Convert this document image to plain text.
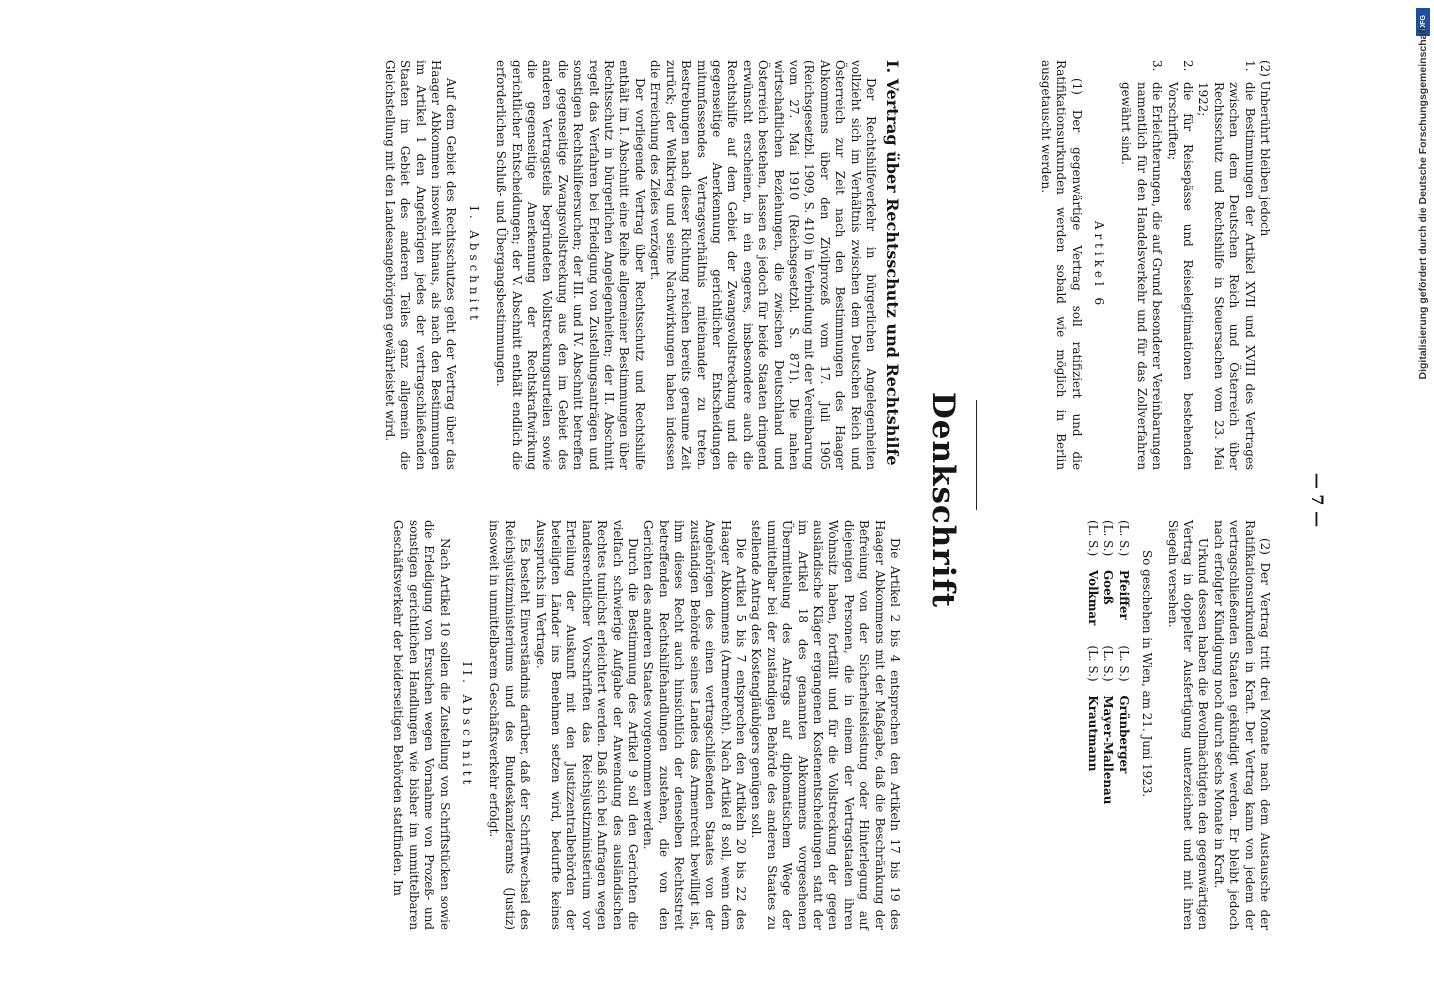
— 7 —

(2) Unberührt bleiben jedoch

1.
die Bestimmungen der Artikel XVII und XVIII des Vertrages zwischen dem Deutschen Reich und Österreich über Rechtsschutz und Rechtshilfe in Steuersachen vom 23. Mai 1922;
2.
die für Reisepässe und Reiselegitimationen bestehenden Vorschriften;
3.
die Erleichterungen, die auf Grund besonderer Vereinbarungen namentlich für den Handelsverkehr und für das Zollverfahren gewährt sind.
Artikel 6

(1) Der gegenwärtige Vertrag soll ratifiziert und die Ratifikationsurkunden werden sobald wie möglich in Berlin ausgetauscht werden.

(2) Der Vertrag tritt drei Monate nach dem Austausche der Ratifikationsurkunden in Kraft. Der Vertrag kann von jedem der vertragschließenden Staaten gekündigt werden. Er bleibt jedoch nach erfolgter Kündigung noch durch sechs Monate in Kraft.

Urkund dessen haben die Bevollmächtigten den gegenwärtigen Vertrag in doppelter Ausfertigung unterzeichnet und mit ihren Siegeln versehen.

So geschehen in Wien, am 21. Juni 1923.
(L. S.)
Pfeiffer
(L. S.)
Goeß
(L. S.)
Volkmar
(L. S.)
Grünberger
(L. S.)
Mayer-Mallenau
(L. S.)
Krautmann
Denkschrift

I. Vertrag über Rechtsschutz und Rechtshilfe

Der Rechtshilfeverkehr in bürgerlichen Angelegenheiten vollzieht sich im Verhältnis zwischen dem Deutschen Reich und Österreich zur Zeit nach den Bestimmungen des Haager Abkommens über den Zivilprozeß vom 17. Juli 1905 (Reichsgesetzbl. 1909, S. 410) in Verbindung mit der Vereinbarung vom 27. Mai 1910 (Reichsgesetzbl. S. 871). Die nahen wirtschaftlichen Beziehungen, die zwischen Deutschland und Österreich bestehen, lassen es jedoch für beide Staaten dringend erwünscht erscheinen, in ein engeres, insbesondere auch die Rechtshilfe auf dem Gebiet der Zwangsvollstreckung und die gegenseitige Anerkennung gerichtlicher Entscheidungen mitumfassendes Vertragsverhältnis miteinander zu treten. Bestrebungen nach dieser Richtung reichen bereits geraume Zeit zurück; der Weltkrieg und seine Nachwirkungen haben indessen die Erreichung des Zieles verzögert.

Der vorliegende Vertrag über Rechtsschutz und Rechtshilfe enthält im I. Abschnitt eine Reihe allgemeiner Bestimmungen über Rechtsschutz in bürgerlichen Angelegenheiten; der II. Abschnitt regelt das Verfahren bei Erledigung von Zustellungsanträgen und sonstigen Rechtshilfeersuchen; der III. und IV. Abschnitt betreffen die gegenseitige Zwangsvollstreckung aus den im Gebiet des anderen Vertragsteils begründeten Vollstreckungsurteilen sowie die gegenseitige Anerkennung der Rechtskraftwirkung gerichtlicher Entscheidungen; der V. Abschnitt enthält endlich die erforderlichen Schluß- und Übergangsbestimmungen.

I. Abschnitt

Auf dem Gebiet des Rechtsschutzes geht der Vertrag über das Haager Abkommen insoweit hinaus, als nach den Bestimmungen im Artikel 1 den Angehörigen jedes der vertragschließenden Staaten im Gebiet des anderen Teiles ganz allgemein die Gleichstellung mit den Landesangehörigen gewährleistet wird.

Die Artikel 2 bis 4 entsprechen den Artikeln 17 bis 19 des Haager Abkommens mit der Maßgabe, daß die Beschränkung der Befreiung von der Sicherheitsleistung oder Hinterlegung auf diejenigen Personen, die in einem der Vertragstaaten ihren Wohnsitz haben, fortfällt und für die Vollstreckung der gegen ausländische Kläger ergangenen Kostenentscheidungen statt der im Artikel 18 des genannten Abkommens vorgesehenen Übermittelung des Antrags auf diplomatischem Wege der unmittelbar bei der zuständigen Behörde des anderen Staates zu stellende Antrag des Kostengläubigers genügen soll.

Die Artikel 5 bis 7 entsprechen den Artikeln 20 bis 22 des Haager Abkommens (Armenrecht). Nach Artikel 8 soll, wenn dem Angehörigen des einen vertragschließenden Staates von der zuständigen Behörde seines Landes das Armenrecht bewilligt ist, ihm dieses Recht auch hinsichtlich der denselben Rechtsstreit betreffenden Rechtshilfehandlungen zustehen, die von den Gerichten des anderen Staates vorgenommen werden.

Durch die Bestimmung des Artikel 9 soll den Gerichten die vielfach schwierige Aufgabe der Anwendung des ausländischen Rechtes tunlichst erleichtert werden. Daß sich bei Anfragen wegen landesrechtlicher Vorschriften das Reichsjustizministerium vor Erteilung der Auskunft mit den Justizzentralbehörden der beteiligten Länder ins Benehmen setzen wird, bedurfte keines Ausspruchs im Vertrage.

Es besteht Einverständnis darüber, daß der Schriftwechsel des Reichsjustizministeriums und des Bundeskanzleramts (Justiz) insoweit in unmittelbarem Geschäftsverkehr erfolgt.

II. Abschnitt

Nach Artikel 10 sollen die Zustellung von Schriftstücken sowie die Erledigung von Ersuchen wegen Vornahme von Prozeß- und sonstigen gerichtlichen Handlungen wie bisher im unmittelbaren Geschäftsverkehr der beiderseitigen Behörden stattfinden. Im

DFG
Digitalisierung gefördert durch die Deutsche Forschungsgemeinschaft
